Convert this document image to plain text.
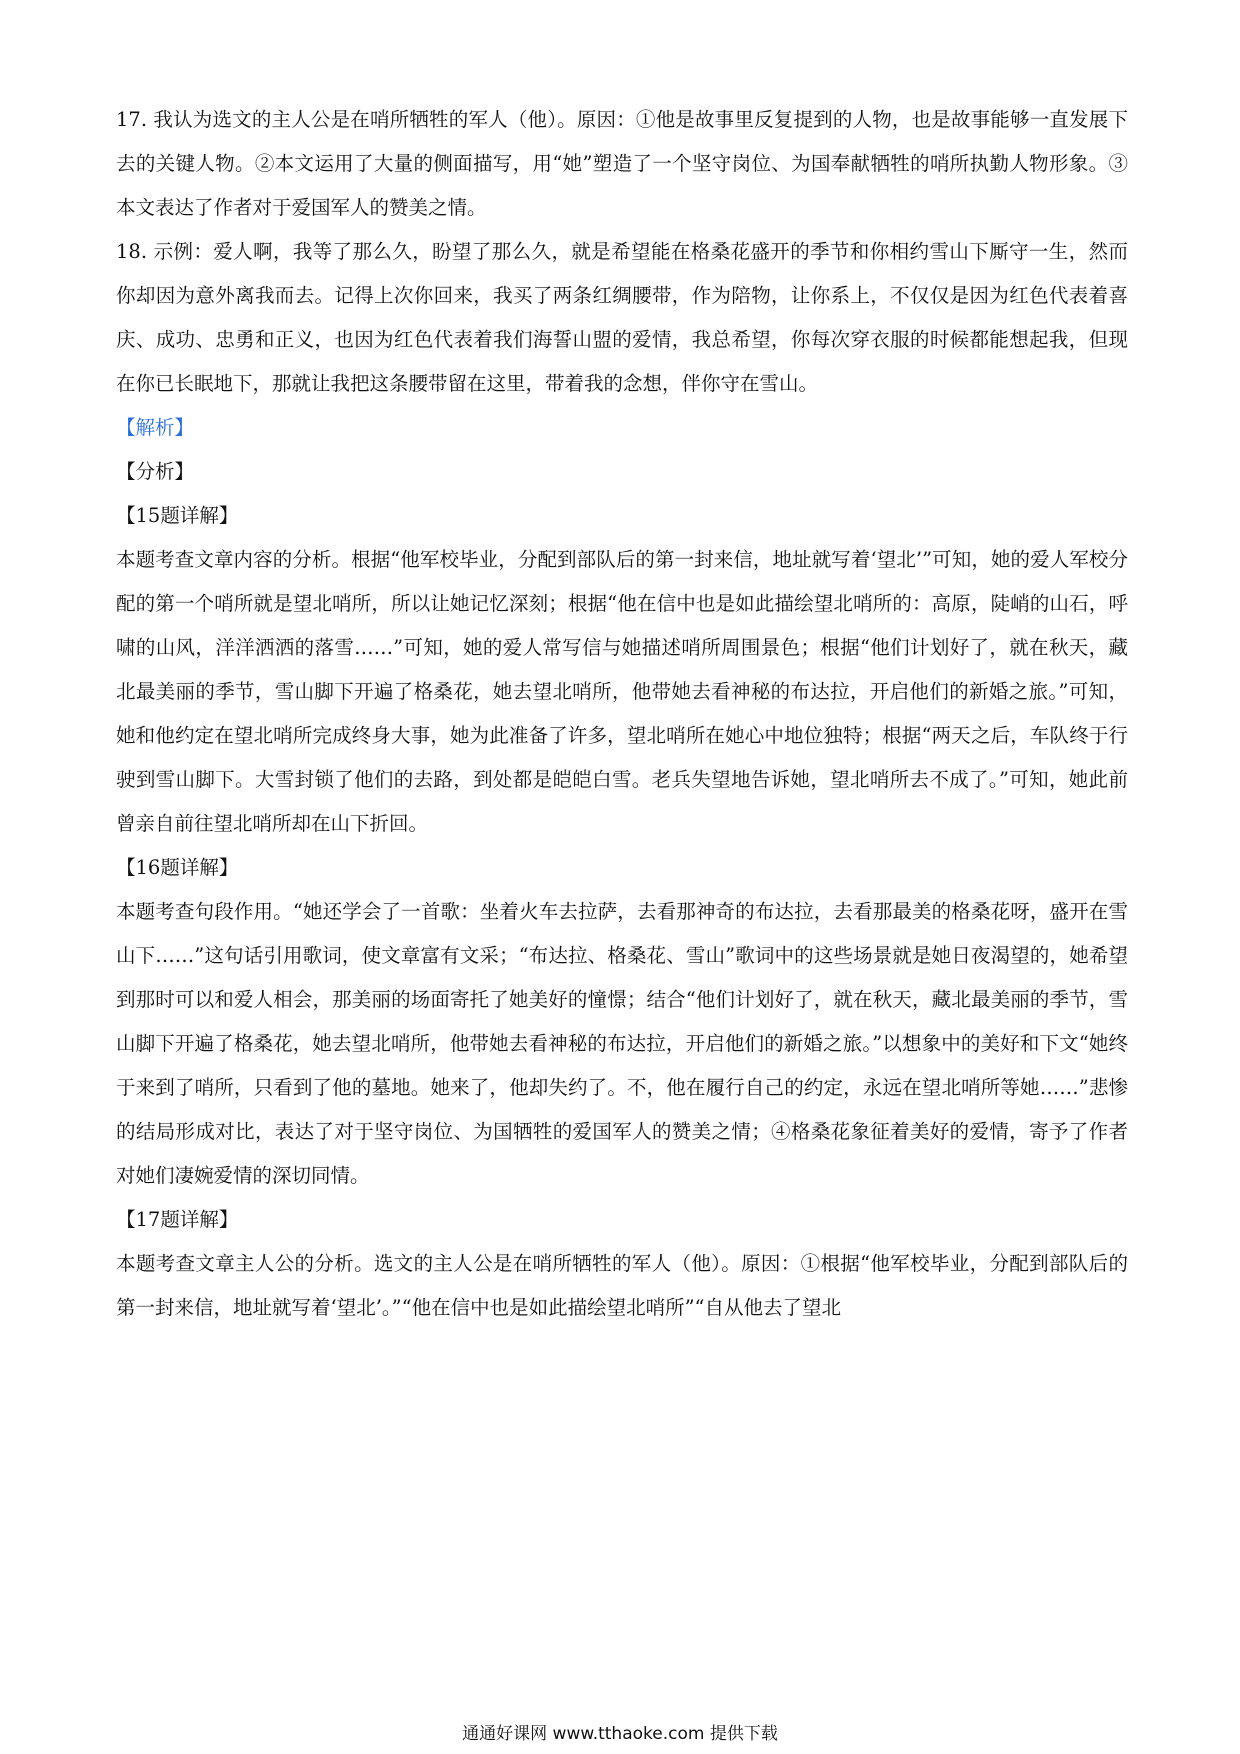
17. 我认为选文的主人公是在哨所牺牲的军人（他）。原因：①他是故事里反复提到的人物，也是故事能够一直发展下去的关键人物。②本文运用了大量的侧面描写，用“她”塑造了一个坚守岗位、为国奉献牺牲的哨所执勤人物形象。③本文表达了作者对于爱国军人的赞美之情。

18. 示例：爱人啊，我等了那么久，盼望了那么久，就是希望能在格桑花盛开的季节和你相约雪山下厮守一生，然而你却因为意外离我而去。记得上次你回来，我买了两条红绸腰带，作为陪物，让你系上，不仅仅是因为红色代表着喜庆、成功、忠勇和正义，也因为红色代表着我们海誓山盟的爱情，我总希望，你每次穿衣服的时候都能想起我，但现在你已长眠地下，那就让我把这条腰带留在这里，带着我的念想，伴你守在雪山。

【解析】

【分析】

【15题详解】

本题考查文章内容的分析。根据“他军校毕业，分配到部队后的第一封来信，地址就写着‘望北’”可知，她的爱人军校分配的第一个哨所就是望北哨所，所以让她记忆深刻；根据“他在信中也是如此描绘望北哨所的：高原，陡峭的山石，呼啸的山风，洋洋洒洒的落雪……”可知，她的爱人常写信与她描述哨所周围景色；根据“他们计划好了，就在秋天，藏北最美丽的季节，雪山脚下开遍了格桑花，她去望北哨所，他带她去看神秘的布达拉，开启他们的新婚之旅。”可知，她和他约定在望北哨所完成终身大事，她为此准备了许多，望北哨所在她心中地位独特；根据“两天之后，车队终于行驶到雪山脚下。大雪封锁了他们的去路，到处都是皑皑白雪。老兵失望地告诉她，望北哨所去不成了。”可知，她此前曾亲自前往望北哨所却在山下折回。

【16题详解】

本题考查句段作用。“她还学会了一首歌：坐着火车去拉萨，去看那神奇的布达拉，去看那最美的格桑花呀，盛开在雪山下……”这句话引用歌词，使文章富有文采；“布达拉、格桑花、雪山”歌词中的这些场景就是她日夜渴望的，她希望到那时可以和爱人相会，那美丽的场面寄托了她美好的憧憬；结合“他们计划好了，就在秋天，藏北最美丽的季节，雪山脚下开遍了格桑花，她去望北哨所，他带她去看神秘的布达拉，开启他们的新婚之旅。”以想象中的美好和下文“她终于来到了哨所，只看到了他的墓地。她来了，他却失约了。不，他在履行自己的约定，永远在望北哨所等她……”悲惨的结局形成对比，表达了对于坚守岗位、为国牺牲的爱国军人的赞美之情；④格桑花象征着美好的爱情，寄予了作者对她们凄婉爱情的深切同情。

【17题详解】

本题考查文章主人公的分析。选文的主人公是在哨所牺牲的军人（他）。原因：①根据“他军校毕业，分配到部队后的第一封来信，地址就写着‘望北’。”“他在信中也是如此描绘望北哨所”“自从他去了望北

通通好课网 www.tthaoke.com 提供下载
